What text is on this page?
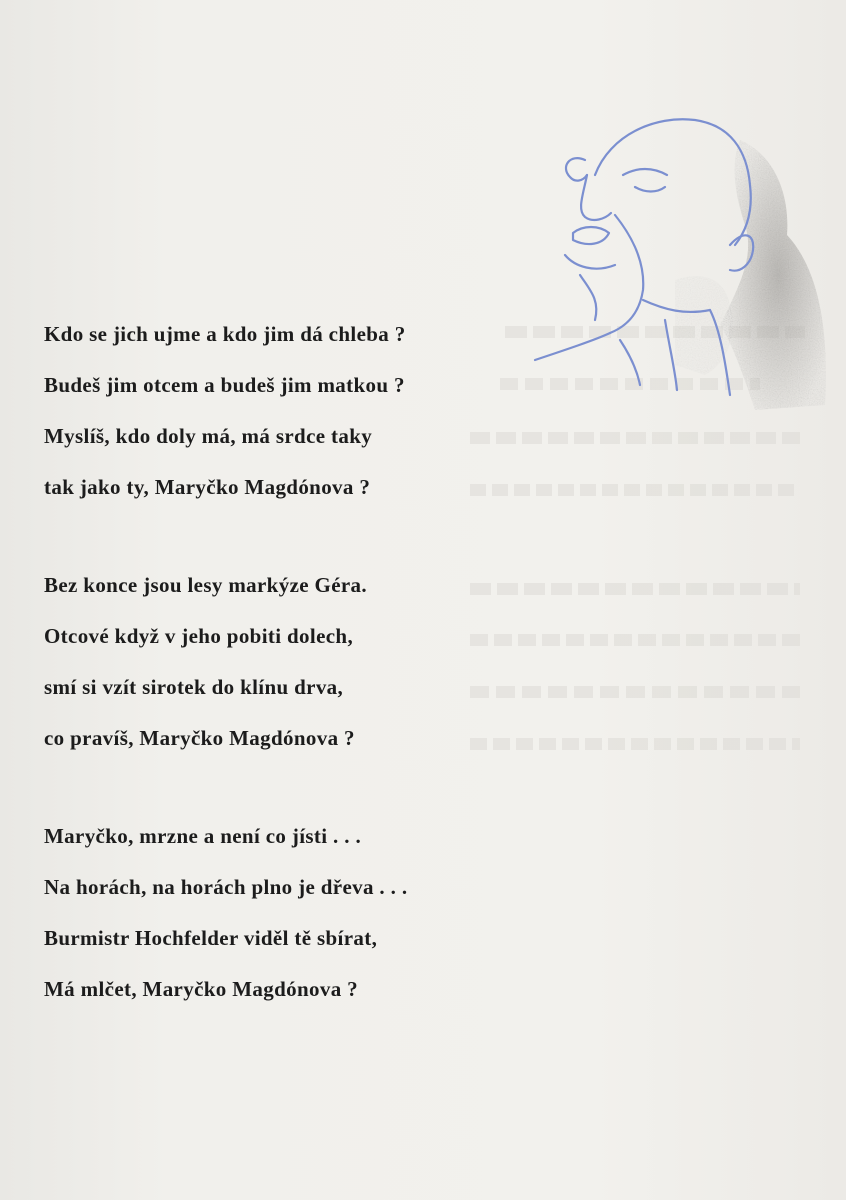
Kdo se jich ujme a kdo jim dá chleba ?
Budeš jim otcem a budeš jim matkou ?
Myslíš, kdo doly má, má srdce taky
tak jako ty, Maryčko Magdónova ?
Bez konce jsou lesy markýze Géra.
Otcové když v jeho pobiti dolech,
smí si vzít sirotek do klínu drva,
co pravíš, Maryčko Magdónova ?
Maryčko, mrzne a není co jísti . . .
Na horách, na horách plno je dřeva . . .
Burmistr Hochfelder viděl tě sbírat,
Má mlčet, Maryčko Magdónova ?
